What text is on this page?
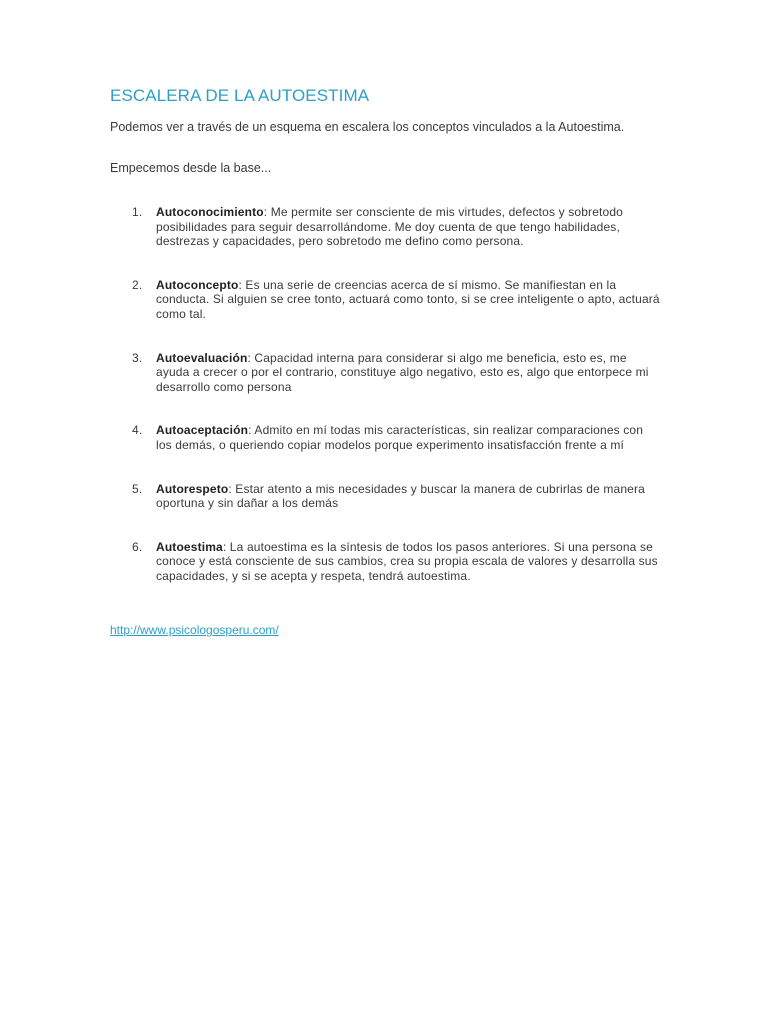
ESCALERA DE LA AUTOESTIMA

Podemos ver a través de un esquema en escalera los conceptos vinculados a la Autoestima.

Empecemos desde la base...

1. Autoconocimiento: Me permite ser consciente de mis virtudes, defectos y sobretodo posibilidades para seguir desarrollándome. Me doy cuenta de que tengo habilidades, destrezas y capacidades, pero sobretodo me defino como persona.
2. Autoconcepto: Es una serie de creencias acerca de sí mismo. Se manifiestan en la conducta. Si alguien se cree tonto, actuará como tonto, si se cree inteligente o apto, actuará como tal.
3. Autoevaluación: Capacidad interna para considerar si algo me beneficia, esto es, me ayuda a crecer o por el contrario, constituye algo negativo, esto es, algo que entorpece mi desarrollo como persona
4. Autoaceptación: Admito en mí todas mis características, sin realizar comparaciones con los demás, o queriendo copiar modelos porque experimento insatisfacción frente a mí
5. Autorespeto: Estar atento a mis necesidades y buscar la manera de cubrirlas de manera oportuna y sin dañar a los demás
6. Autoestima: La autoestima es la síntesis de todos los pasos anteriores. Si una persona se conoce y está consciente de sus cambios, crea su propia escala de valores y desarrolla sus capacidades, y si se acepta y respeta, tendrá autoestima.
http://www.psicologosperu.com/
